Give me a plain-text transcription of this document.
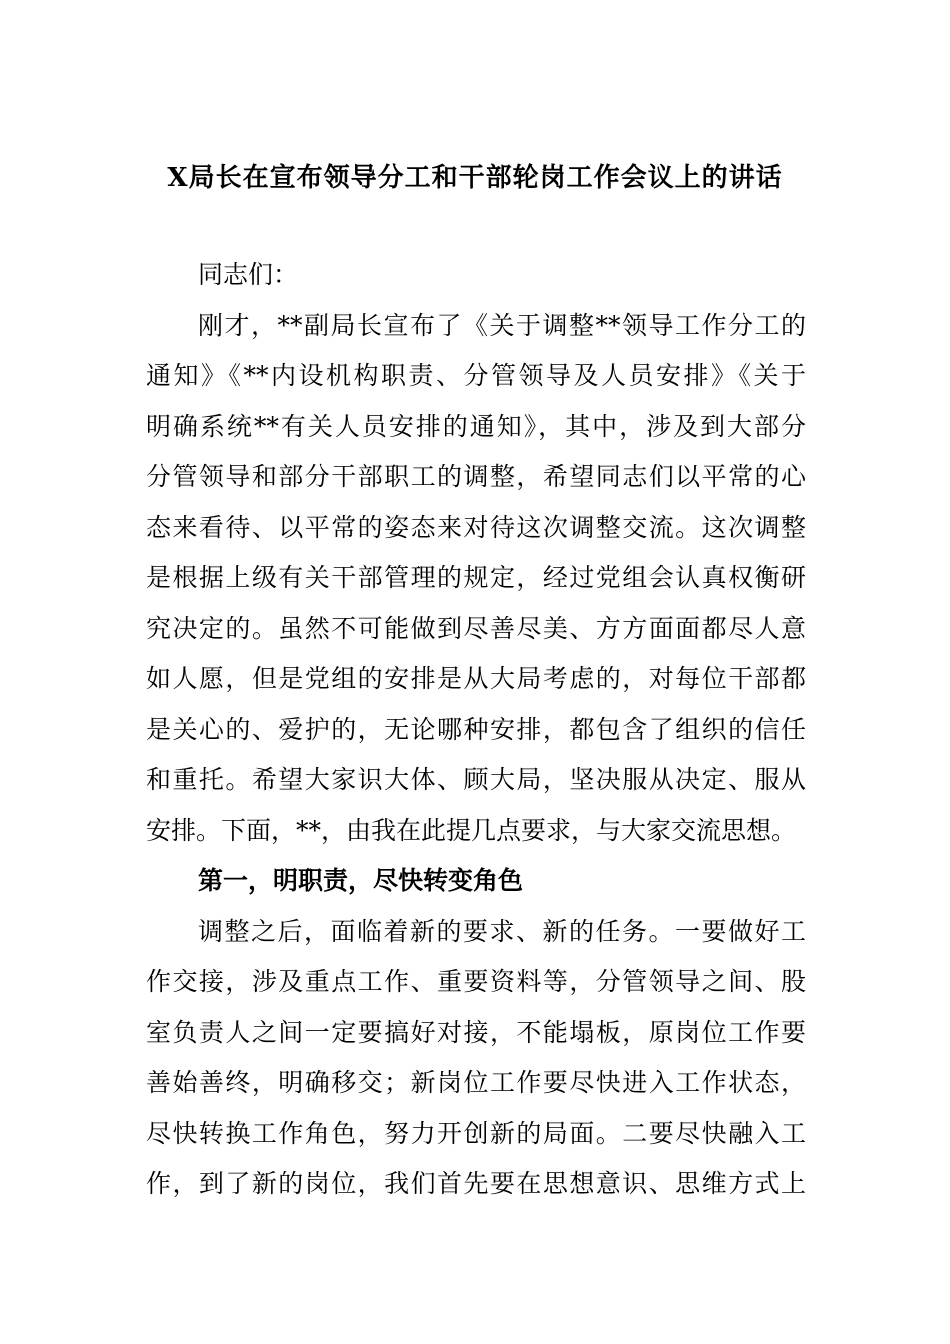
X局长在宣布领导分工和干部轮岗工作会议上的讲话
同志们：
刚才，**副局长宣布了《关于调整**领导工作分工的
通知》《**内设机构职责、分管领导及人员安排》《关于
明确系统**有关人员安排的通知》，其中，涉及到大部分
分管领导和部分干部职工的调整，希望同志们以平常的心
态来看待、以平常的姿态来对待这次调整交流。这次调整
是根据上级有关干部管理的规定，经过党组会认真权衡研
究决定的。虽然不可能做到尽善尽美、方方面面都尽人意
如人愿，但是党组的安排是从大局考虑的，对每位干部都
是关心的、爱护的，无论哪种安排，都包含了组织的信任
和重托。希望大家识大体、顾大局，坚决服从决定、服从
安排。下面，**，由我在此提几点要求，与大家交流思想。
第一，明职责，尽快转变角色
调整之后，面临着新的要求、新的任务。一要做好工
作交接，涉及重点工作、重要资料等，分管领导之间、股
室负责人之间一定要搞好对接，不能塌板，原岗位工作要
善始善终，明确移交；新岗位工作要尽快进入工作状态，
尽快转换工作角色，努力开创新的局面。二要尽快融入工
作，到了新的岗位，我们首先要在思想意识、思维方式上
